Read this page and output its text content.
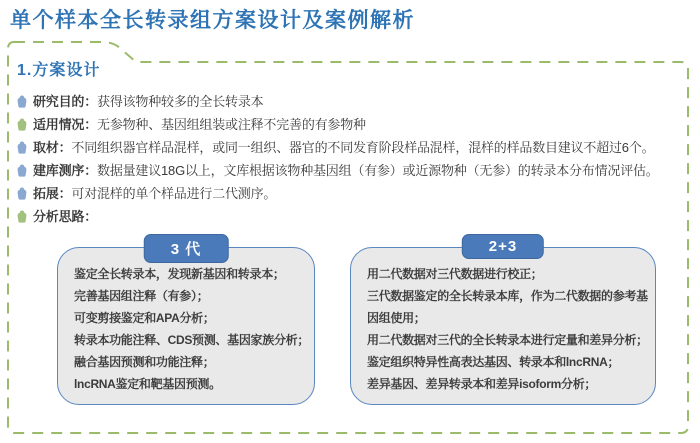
单个样本全长转录组方案设计及案例解析
1.方案设计
研究目的： 获得该物种较多的全长转录本
适用情况： 无参物种、基因组组装或注释不完善的有参物种
取材： 不同组织器官样品混样，或同一组织、器官的不同发育阶段样品混样，混样的样品数目建议不超过6个。
建库测序： 数据量建议18G以上，文库根据该物种基因组（有参）或近源物种（无参）的转录本分布情况评估。
拓展： 可对混样的单个样品进行二代测序。
分析思路：
3 代

鉴定全长转录本，发现新基因和转录本；

完善基因组注释（有参）；

可变剪接鉴定和APA分析；

转录本功能注释、CDS预测、基因家族分析；

融合基因预测和功能注释；

lncRNA鉴定和靶基因预测。

2+3

用二代数据对三代数据进行校正；

三代数据鉴定的全长转录本库，作为二代数据的参考基因组使用；

用二代数据对三代的全长转录本进行定量和差异分析；

鉴定组织特异性高表达基因、转录本和lncRNA；

差异基因、差异转录本和差异isoform分析；
